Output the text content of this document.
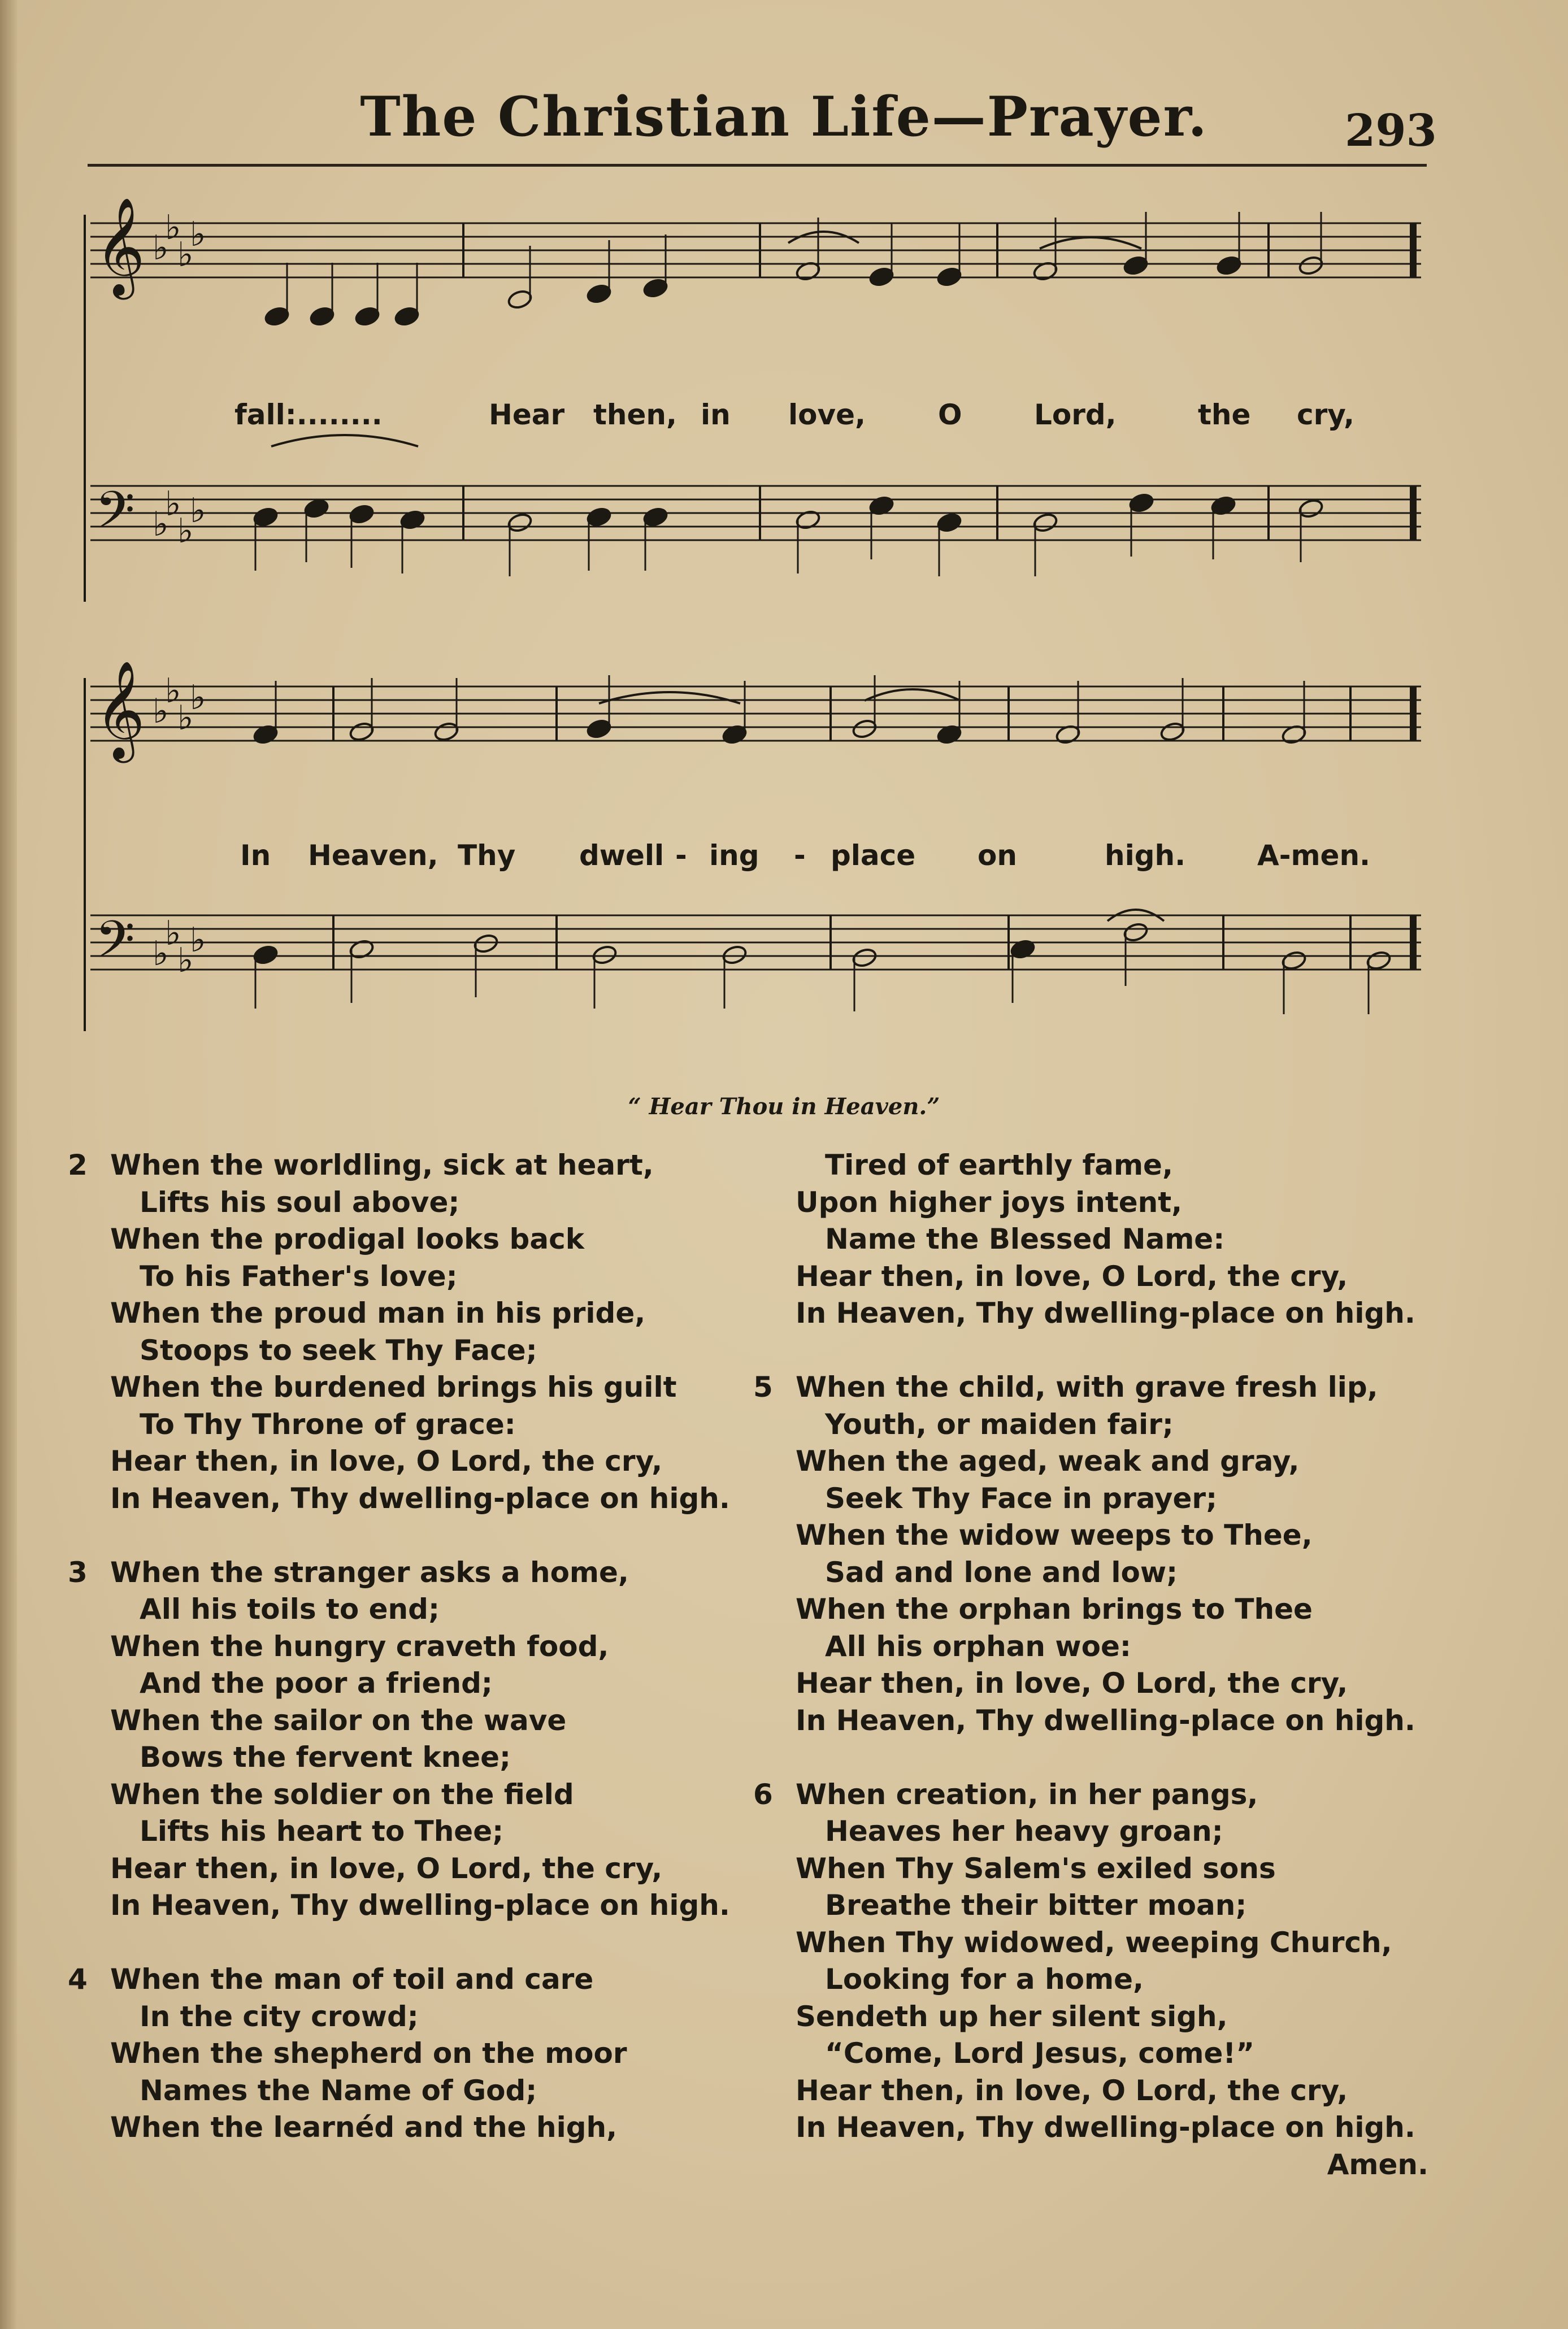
The Christian Life—Prayer.	293
𝄞 ♭
♭
♭
♭
𝄢 ♭
♭
♭
♭
𝄞 ♭
♭
♭
♭
𝄢 ♭
♭
♭
♭
fall:........	Hear then, in love,	O	Lord,	the cry,
In Heaven, Thy dwell - ing - place on	high.	A-men.
“ Hear Thou in Heaven.”
2 When the worldling, sick at heart,
Lifts his soul above;
When the prodigal looks back
To his Father's love;
When the proud man in his pride,
Stoops to seek Thy Face;
When the burdened brings his guilt
To Thy Throne of grace:
Hear then, in love, O Lord, the cry,
In Heaven, Thy dwelling-place on high.
3 When the stranger asks a home,
All his toils to end;
When the hungry craveth food,
And the poor a friend;
When the sailor on the wave
Bows the fervent knee;
When the soldier on the field
Lifts his heart to Thee;
Hear then, in love, O Lord, the cry,
In Heaven, Thy dwelling-place on high.
4 When the man of toil and care
In the city crowd;
When the shepherd on the moor
Names the Name of God;
When the learnéd and the high,
Tired of earthly fame,
Upon higher joys intent,
Name the Blessed Name:
Hear then, in love, O Lord, the cry,
In Heaven, Thy dwelling-place on high.
5 When the child, with grave fresh lip,
Youth, or maiden fair;
When the aged, weak and gray,
Seek Thy Face in prayer;
When the widow weeps to Thee,
Sad and lone and low;
When the orphan brings to Thee
All his orphan woe:
Hear then, in love, O Lord, the cry,
In Heaven, Thy dwelling-place on high.
6 When creation, in her pangs,
Heaves her heavy groan;
When Thy Salem's exiled sons
Breathe their bitter moan;
When Thy widowed, weeping Church,
Looking for a home,
Sendeth up her silent sigh,
“Come, Lord Jesus, come!”
Hear then, in love, O Lord, the cry,
In Heaven, Thy dwelling-place on high.
Amen.
